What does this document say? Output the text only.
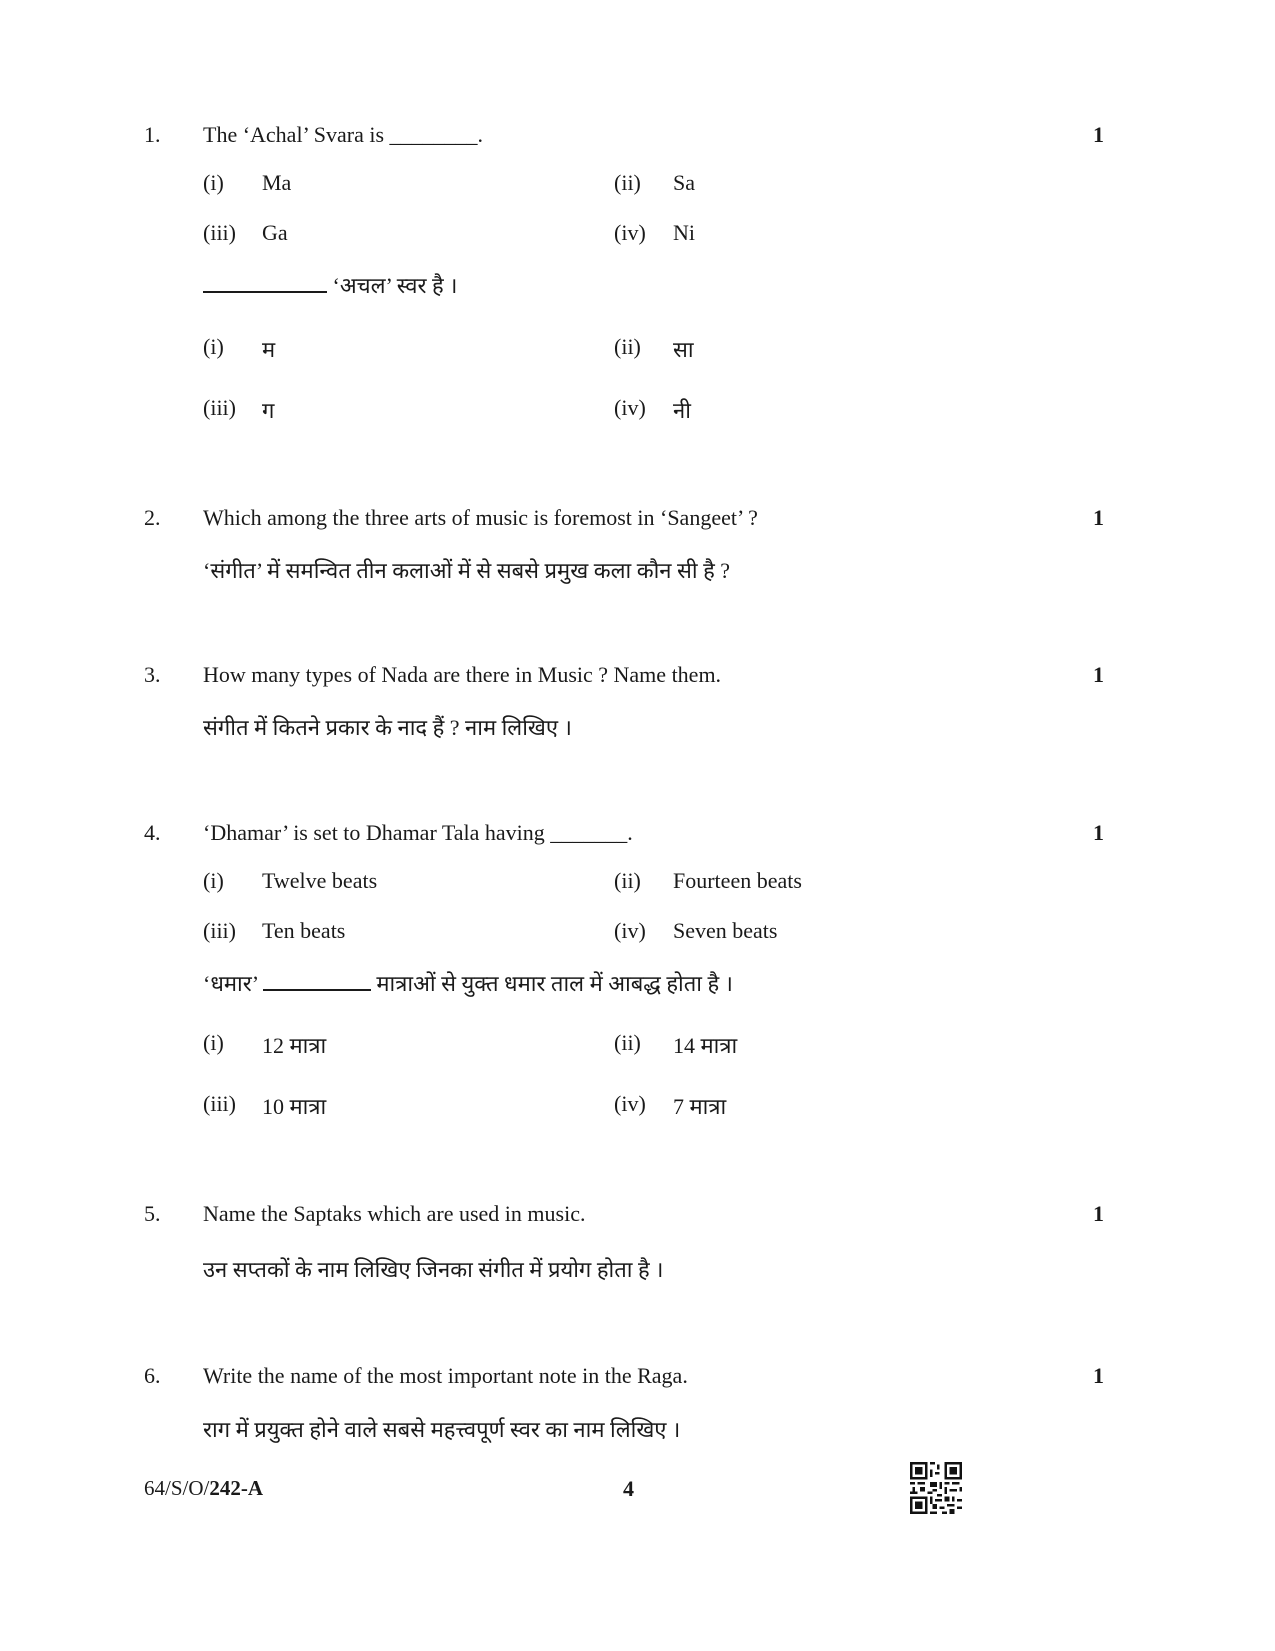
1. The ‘Achal’ Svara is ________.	1
(i) Ma	(ii) Sa
(iii) Ga	(iv) Ni
‘अचल’ स्वर है ।
(i) म	(ii) सा
(iii) ग	(iv) नी
2. Which among the three arts of music is foremost in ‘Sangeet’ ?	1
‘संगीत’ में समन्वित तीन कलाओं में से सबसे प्रमुख कला कौन सी है ?
3. How many types of Nada are there in Music ? Name them.	1
संगीत में कितने प्रकार के नाद हैं ? नाम लिखिए ।
4. ‘Dhamar’ is set to Dhamar Tala having _______.	1
(i) Twelve beats	(ii) Fourteen beats
(iii) Ten beats	(iv) Seven beats
‘धमार’	मात्राओं से युक्त धमार ताल में आबद्ध होता है ।
(i) 12 मात्रा	(ii) 14 मात्रा
(iii) 10 मात्रा	(iv) 7 मात्रा
5. Name the Saptaks which are used in music.	1
उन सप्तकों के नाम लिखिए जिनका संगीत में प्रयोग होता है ।
6. Write the name of the most important note in the Raga.	1
राग में प्रयुक्त होने वाले सबसे महत्त्वपूर्ण स्वर का नाम लिखिए ।
64/S/O/242-A	4
